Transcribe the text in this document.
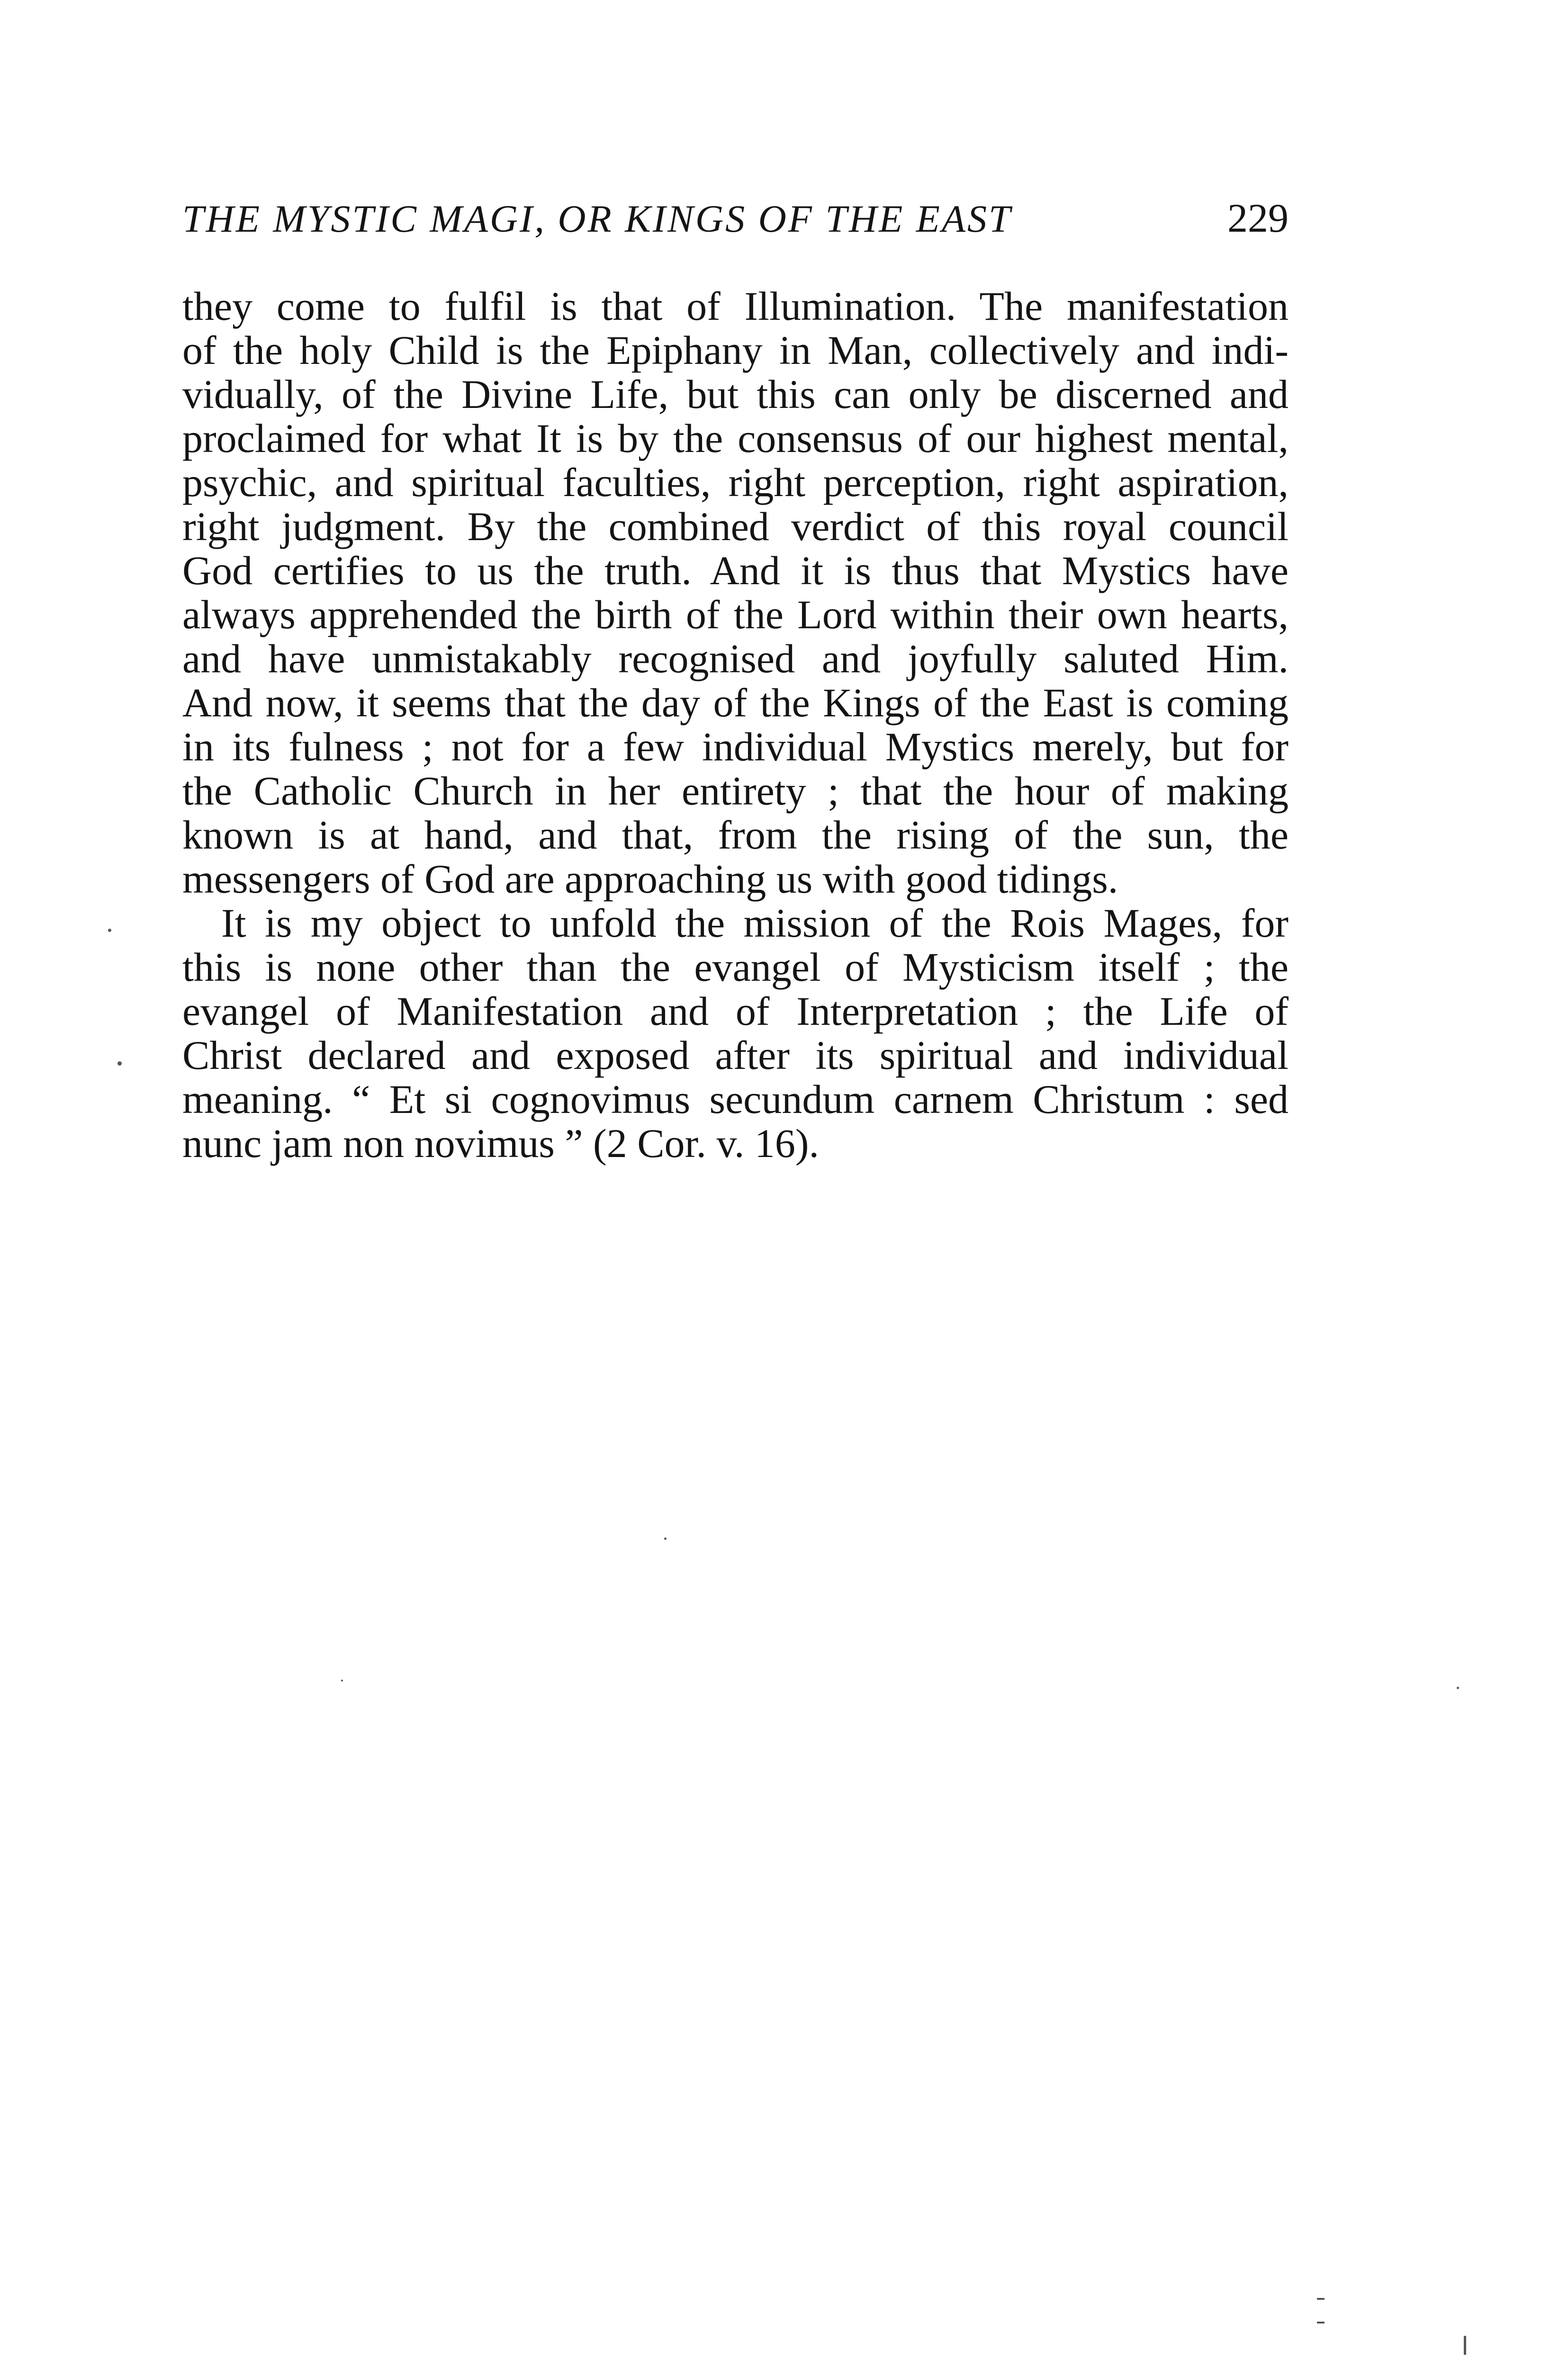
THE MYSTIC MAGI, OR KINGS OF THE EAST	229
they come to fulfil is that of Illumination. The manifestation
of the holy Child is the Epiphany in Man, collectively and indi-
vidually, of the Divine Life, but this can only be discerned and
proclaimed for what It is by the consensus of our highest mental,
psychic, and spiritual faculties, right perception, right aspiration,
right judgment. By the combined verdict of this royal council
God certifies to us the truth. And it is thus that Mystics have
always apprehended the birth of the Lord within their own hearts,
and have unmistakably recognised and joyfully saluted Him.
And now, it seems that the day of the Kings of the East is coming
in its fulness ; not for a few individual Mystics merely, but for
the Catholic Church in her entirety ; that the hour of making
known is at hand, and that, from the rising of the sun, the
messengers of God are approaching us with good tidings.
It is my object to unfold the mission of the Rois Mages, for
this is none other than the evangel of Mysticism itself ; the
evangel of Manifestation and of Interpretation ; the Life of
Christ declared and exposed after its spiritual and individual
meaning. “ Et si cognovimus secundum carnem Christum : sed
nunc jam non novimus ” (2 Cor. v. 16).
